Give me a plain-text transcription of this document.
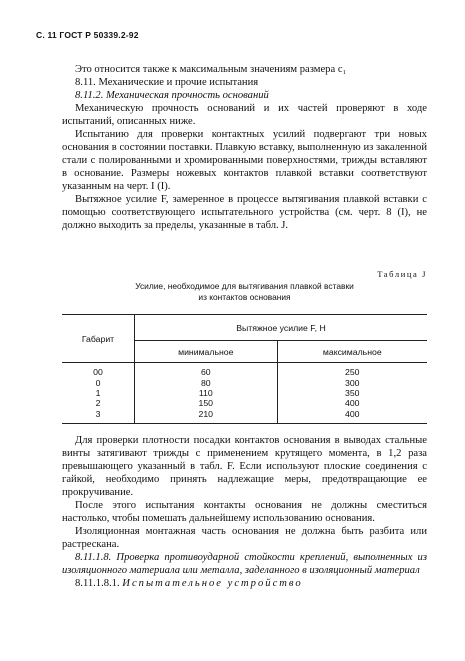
С. 11 ГОСТ Р 50339.2-92

Это относится также к максимальным значениям размера с₁

8.11. Механические и прочие испытания

8.11.2. Механическая прочность оснований

Механическую прочность оснований и их частей проверяют в ходе испытаний, описанных ниже.

Испытанию для проверки контактных усилий подвергают три новых основания в состоянии поставки. Плавкую вставку, выполненную из закаленной стали с полированными и хромированными поверхностями, трижды вставляют в основание. Размеры ножевых контактов плавкой вставки соответствуют указанным на черт. I (I).

Вытяжное усилие F, замеренное в процессе вытягивания плавкой вставки с помощью соответствующего испытательного устройства (см. черт. 8 (I), не должно выходить за пределы, указанные в табл. J.

Таблица J
Усилие, необходимое для вытягивания плавкой вставки
из контактов основания
Габарит	Вытяжное усилие F, Н	
	минимальное	максимальное
00	60	250
0	80	300
1	110	350
2	150	400
3	210	400

Для проверки плотности посадки контактов основания в выводах стальные винты затягивают трижды с применением крутящего момента, в 1,2 раза превышающего указанный в табл. F. Если используют плоские соединения с гайкой, необходимо принять надлежащие меры, предотвращающие ее прокручивание.

После этого испытания контакты основания не должны сместиться настолько, чтобы помешать дальнейшему использованию основания.

Изоляционная монтажная часть основания не должна быть разбита или растрескана.

8.11.1.8. Проверка противоударной стойкости креплений, выполненных из изоляционного материала или металла, заделанного в изоляционный материал

8.11.1.8.1. Испытательное устройство
